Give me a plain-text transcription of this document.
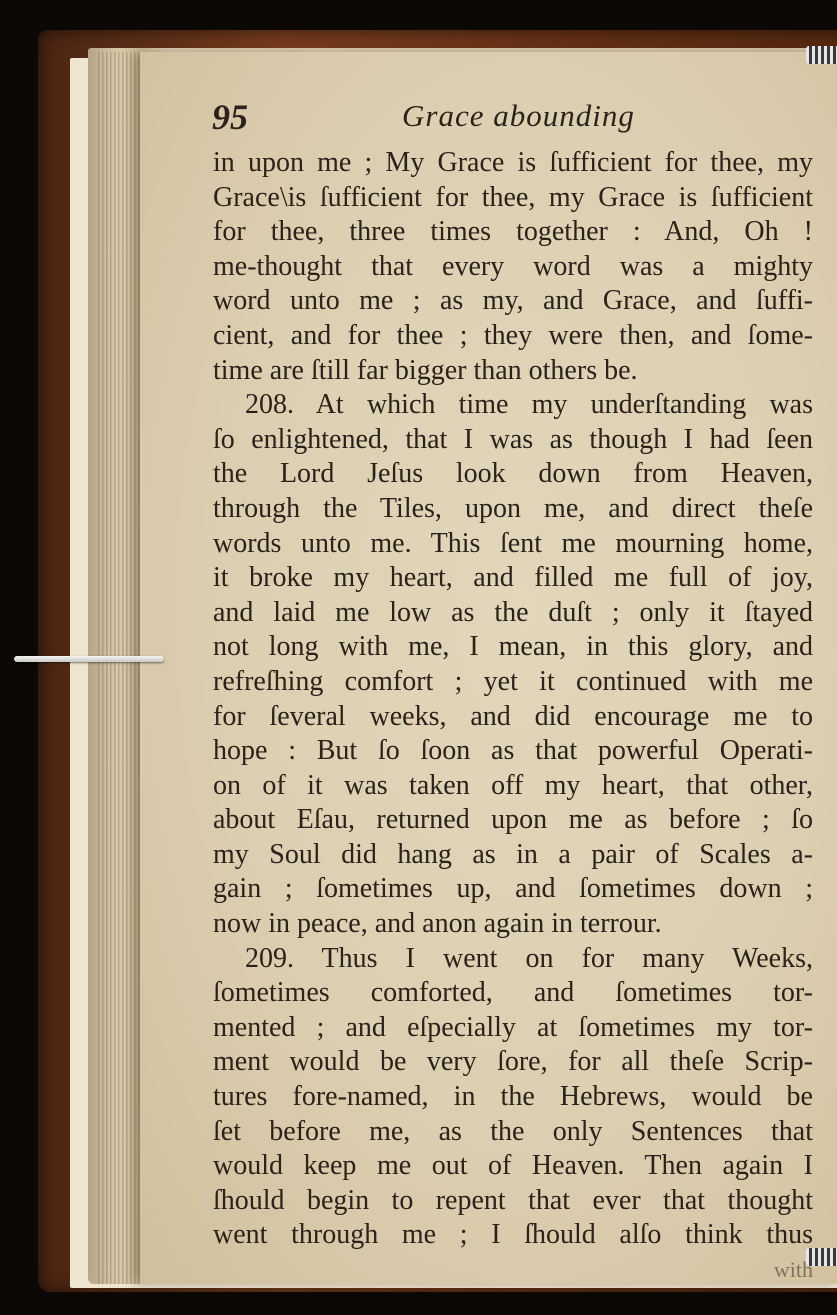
95	Grace abounding
in upon me ; My Grace is ſufficient for thee, my
Grace\is ſufficient for thee, my Grace is ſufficient
for thee, three times together : And, Oh !
me-thought that every word was a mighty
word unto me ; as my, and Grace, and ſuffi-
cient, and for thee ; they were then, and ſome-
time are ſtill far bigger than others be.
208. At which time my underſtanding was
ſo enlightened, that I was as though I had ſeen
the Lord Jeſus look down from Heaven,
through the Tiles, upon me, and direct theſe
words unto me. This ſent me mourning home,
it broke my heart, and filled me full of joy,
and laid me low as the duſt ; only it ſtayed
not long with me, I mean, in this glory, and
refreſhing comfort ; yet it continued with me
for ſeveral weeks, and did encourage me to
hope : But ſo ſoon as that powerful Operati-
on of it was taken off my heart, that other,
about Eſau, returned upon me as before ; ſo
my Soul did hang as in a pair of Scales a-
gain ; ſometimes up, and ſometimes down ;
now in peace, and anon again in terrour.
209. Thus I went on for many Weeks,
ſometimes comforted, and ſometimes tor-
mented ; and eſpecially at ſometimes my tor-
ment would be very ſore, for all theſe Scrip-
tures fore-named, in the Hebrews, would be
ſet before me, as the only Sentences that
would keep me out of Heaven. Then again I
ſhould begin to repent that ever that thought
went through me ; I ſhould alſo think thus
with
